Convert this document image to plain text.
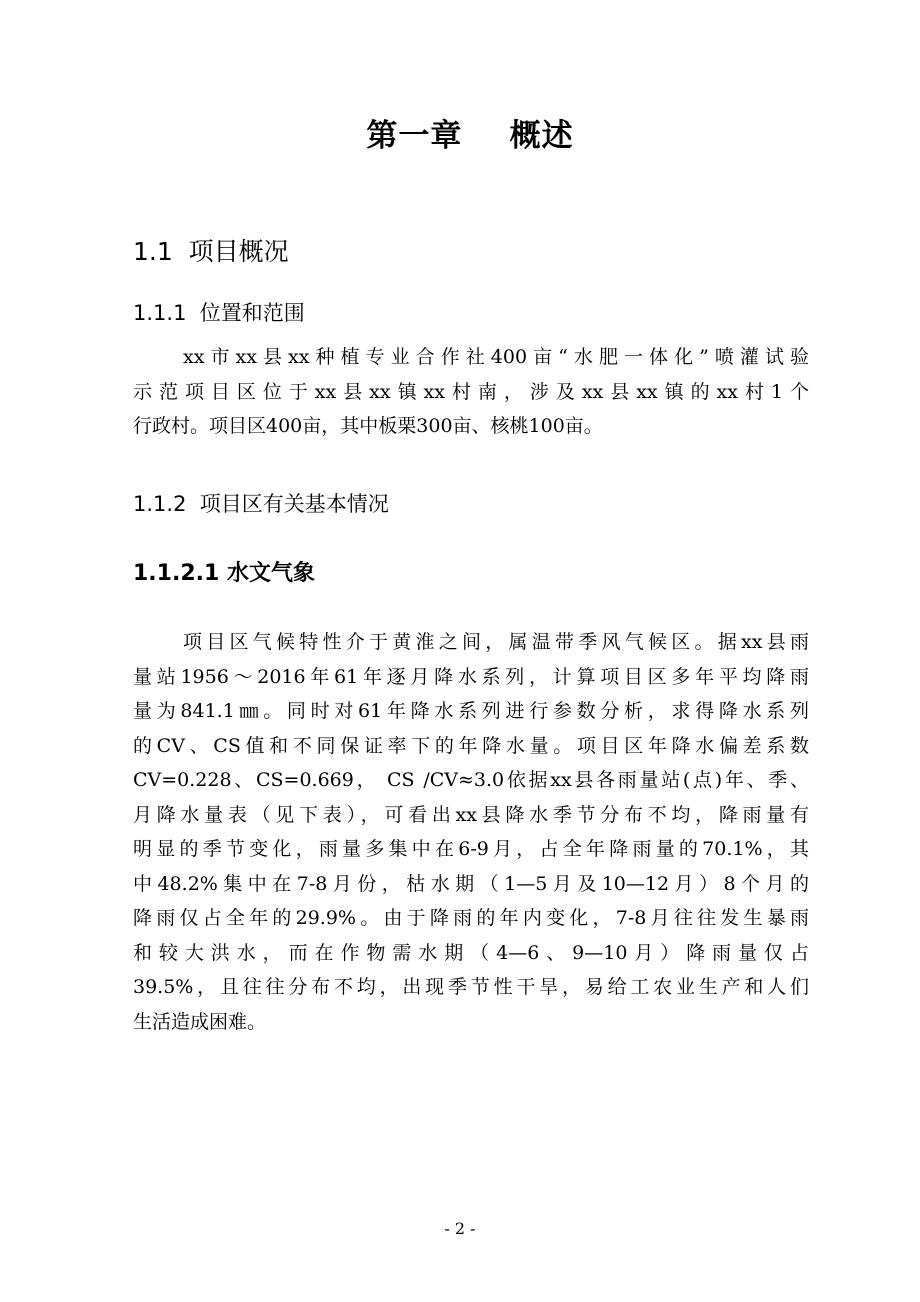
第一章    概述
1.1  项目概况
1.1.1  位置和范围
xx市xx县xx种植专业合作社400亩“水肥一体化”喷灌试验
示范项目区位于xx县xx镇xx村南，涉及xx县xx镇的xx村1个
行政村。项目区400亩，其中板栗300亩、核桃100亩。
1.1.2  项目区有关基本情况
1.1.2.1 水文气象
项目区气候特性介于黄淮之间，属温带季风气候区。据xx县雨
量站1956～2016年61年逐月降水系列，计算项目区多年平均降雨
量为841.1㎜。同时对61年降水系列进行参数分析，求得降水系列
的CV、CS值和不同保证率下的年降水量。项目区年降水偏差系数
CV=0.228、CS=0.669， CS /CV≈3.0依据xx县各雨量站(点)年、季、
月降水量表（见下表），可看出xx县降水季节分布不均，降雨量有
明显的季节变化，雨量多集中在6-9月，占全年降雨量的70.1%，其
中48.2%集中在7-8月份，枯水期（1—5月及10—12月）8个月的
降雨仅占全年的29.9%。由于降雨的年内变化，7-8月往往发生暴雨
和较大洪水，而在作物需水期（4—6、9—10月）降雨量仅占
39.5%，且往往分布不均，出现季节性干旱，易给工农业生产和人们
生活造成困难。
- 2 -
